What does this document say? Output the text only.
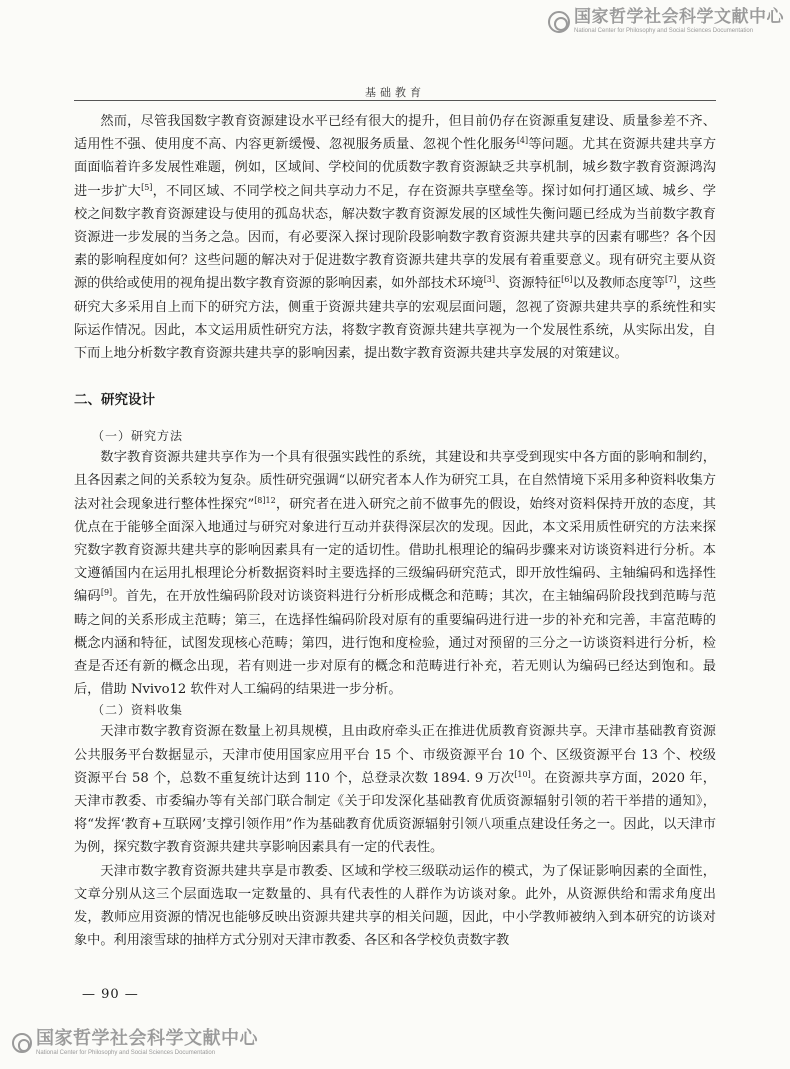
国家哲学社会科学文献中心
National Center for Philosophy and Social Sciences Documentation
基础教育

然而，尽管我国数字教育资源建设水平已经有很大的提升，但目前仍存在资源重复建设、质量参差不齐、适用性不强、使用度不高、内容更新缓慢、忽视服务质量、忽视个性化服务[4]等问题。尤其在资源共建共享方面面临着许多发展性难题，例如，区域间、学校间的优质数字教育资源缺乏共享机制，城乡数字教育资源鸿沟进一步扩大[5]，不同区域、不同学校之间共享动力不足，存在资源共享壁垒等。探讨如何打通区域、城乡、学校之间数字教育资源建设与使用的孤岛状态，解决数字教育资源发展的区域性失衡问题已经成为当前数字教育资源进一步发展的当务之急。因而，有必要深入探讨现阶段影响数字教育资源共建共享的因素有哪些？各个因素的影响程度如何？这些问题的解决对于促进数字教育资源共建共享的发展有着重要意义。现有研究主要从资源的供给或使用的视角提出数字教育资源的影响因素，如外部技术环境[3]、资源特征[6]以及教师态度等[7]，这些研究大多采用自上而下的研究方法，侧重于资源共建共享的宏观层面问题，忽视了资源共建共享的系统性和实际运作情况。因此，本文运用质性研究方法，将数字教育资源共建共享视为一个发展性系统，从实际出发，自下而上地分析数字教育资源共建共享的影响因素，提出数字教育资源共建共享发展的对策建议。

二、研究设计
（一）研究方法

数字教育资源共建共享作为一个具有很强实践性的系统，其建设和共享受到现实中各方面的影响和制约，且各因素之间的关系较为复杂。质性研究强调“以研究者本人作为研究工具，在自然情境下采用多种资料收集方法对社会现象进行整体性探究”$^{[8]12}$，研究者在进入研究之前不做事先的假设，始终对资料保持开放的态度，其优点在于能够全面深入地通过与研究对象进行互动并获得深层次的发现。因此，本文采用质性研究的方法来探究数字教育资源共建共享的影响因素具有一定的适切性。借助扎根理论的编码步骤来对访谈资料进行分析。本文遵循国内在运用扎根理论分析数据资料时主要选择的三级编码研究范式，即开放性编码、主轴编码和选择性编码[9]。首先，在开放性编码阶段对访谈资料进行分析形成概念和范畴；其次，在主轴编码阶段找到范畴与范畴之间的关系形成主范畴；第三，在选择性编码阶段对原有的重要编码进行进一步的补充和完善，丰富范畴的概念内涵和特征，试图发现核心范畴；第四，进行饱和度检验，通过对预留的三分之一访谈资料进行分析，检查是否还有新的概念出现，若有则进一步对原有的概念和范畴进行补充，若无则认为编码已经达到饱和。最后，借助 Nvivo12 软件对人工编码的结果进一步分析。

（二）资料收集

天津市数字教育资源在数量上初具规模，且由政府牵头正在推进优质教育资源共享。天津市基础教育资源公共服务平台数据显示，天津市使用国家应用平台 15 个、市级资源平台 10 个、区级资源平台 13 个、校级资源平台 58 个，总数不重复统计达到 110 个，总登录次数 1894. 9 万次[10]。在资源共享方面，2020 年，天津市教委、市委编办等有关部门联合制定《关于印发深化基础教育优质资源辐射引领的若干举措的通知》，将“发挥‘教育+互联网’支撑引领作用”作为基础教育优质资源辐射引领八项重点建设任务之一。因此，以天津市为例，探究数字教育资源共建共享影响因素具有一定的代表性。

天津市数字教育资源共建共享是市教委、区域和学校三级联动运作的模式，为了保证影响因素的全面性，文章分别从这三个层面选取一定数量的、具有代表性的人群作为访谈对象。此外，从资源供给和需求角度出发，教师应用资源的情况也能够反映出资源共建共享的相关问题，因此，中小学教师被纳入到本研究的访谈对象中。利用滚雪球的抽样方式分别对天津市教委、各区和各学校负责数字教

— 90 —
国家哲学社会科学文献中心
National Center for Philosophy and Social Sciences Documentation
